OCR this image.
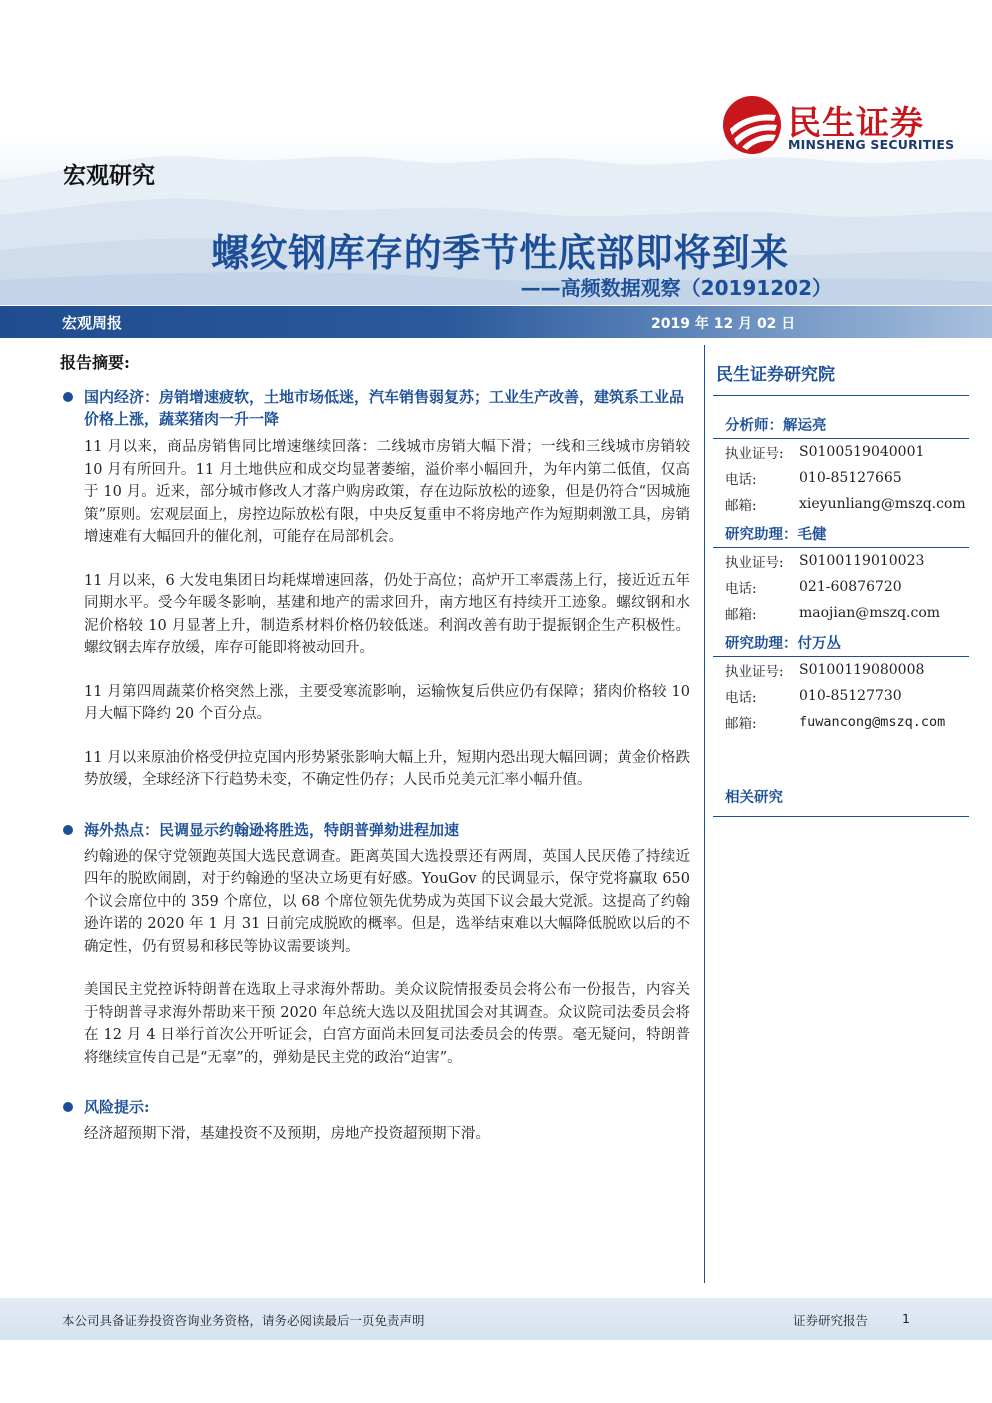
民生证券
MINSHENG SECURITIES
宏观研究
螺纹钢库存的季节性底部即将到来
——高频数据观察（20191202）
宏观周报	2019 年 12 月 02 日
报告摘要:
国内经济：房销增速疲软，土地市场低迷，汽车销售弱复苏；工业生产改善，建筑系工业品价格上涨，蔬菜猪肉一升一降

11 月以来，商品房销售同比增速继续回落：二线城市房销大幅下滑；一线和三线城市房销较 10 月有所回升。11 月土地供应和成交均显著萎缩，溢价率小幅回升，为年内第二低值，仅高于 10 月。近来，部分城市修改人才落户购房政策，存在边际放松的迹象，但是仍符合“因城施策”原则。宏观层面上，房控边际放松有限，中央反复重申不将房地产作为短期刺激工具，房销增速难有大幅回升的催化剂，可能存在局部机会。

11 月以来，6 大发电集团日均耗煤增速回落，仍处于高位；高炉开工率震荡上行，接近近五年同期水平。受今年暖冬影响，基建和地产的需求回升，南方地区有持续开工迹象。螺纹钢和水泥价格较 10 月显著上升，制造系材料价格仍较低迷。利润改善有助于提振钢企生产积极性。螺纹钢去库存放缓，库存可能即将被动回升。

11 月第四周蔬菜价格突然上涨，主要受寒流影响，运输恢复后供应仍有保障；猪肉价格较 10 月大幅下降约 20 个百分点。

11 月以来原油价格受伊拉克国内形势紧张影响大幅上升，短期内恐出现大幅回调；黄金价格跌势放缓，全球经济下行趋势未变，不确定性仍存；人民币兑美元汇率小幅升值。

海外热点：民调显示约翰逊将胜选，特朗普弹劾进程加速

约翰逊的保守党领跑英国大选民意调查。距离英国大选投票还有两周，英国人民厌倦了持续近四年的脱欧闹剧，对于约翰逊的坚决立场更有好感。YouGov 的民调显示，保守党将赢取 650 个议会席位中的 359 个席位，以 68 个席位领先优势成为英国下议会最大党派。这提高了约翰逊许诺的 2020 年 1 月 31 日前完成脱欧的概率。但是，选举结束难以大幅降低脱欧以后的不确定性，仍有贸易和移民等协议需要谈判。

美国民主党控诉特朗普在选取上寻求海外帮助。美众议院情报委员会将公布一份报告，内容关于特朗普寻求海外帮助来干预 2020 年总统大选以及阻扰国会对其调查。众议院司法委员会将在 12 月 4 日举行首次公开听证会，白宫方面尚未回复司法委员会的传票。毫无疑问，特朗普将继续宣传自己是“无辜”的，弹劾是民主党的政治“迫害”。

风险提示:

经济超预期下滑，基建投资不及预期，房地产投资超预期下滑。

民生证券研究院
分析师：解运亮
执业证号:	S0100519040001
电话:	010-85127665
邮箱:	xieyunliang@mszq.com
研究助理：毛健
执业证号:	S0100119010023
电话:	021-60876720
邮箱:	maojian@mszq.com
研究助理：付万丛
执业证号:	S0100119080008
电话:	010-85127730
邮箱:	fuwancong@mszq.com
相关研究
本公司具备证券投资咨询业务资格，请务必阅读最后一页免责声明	证券研究报告	1
